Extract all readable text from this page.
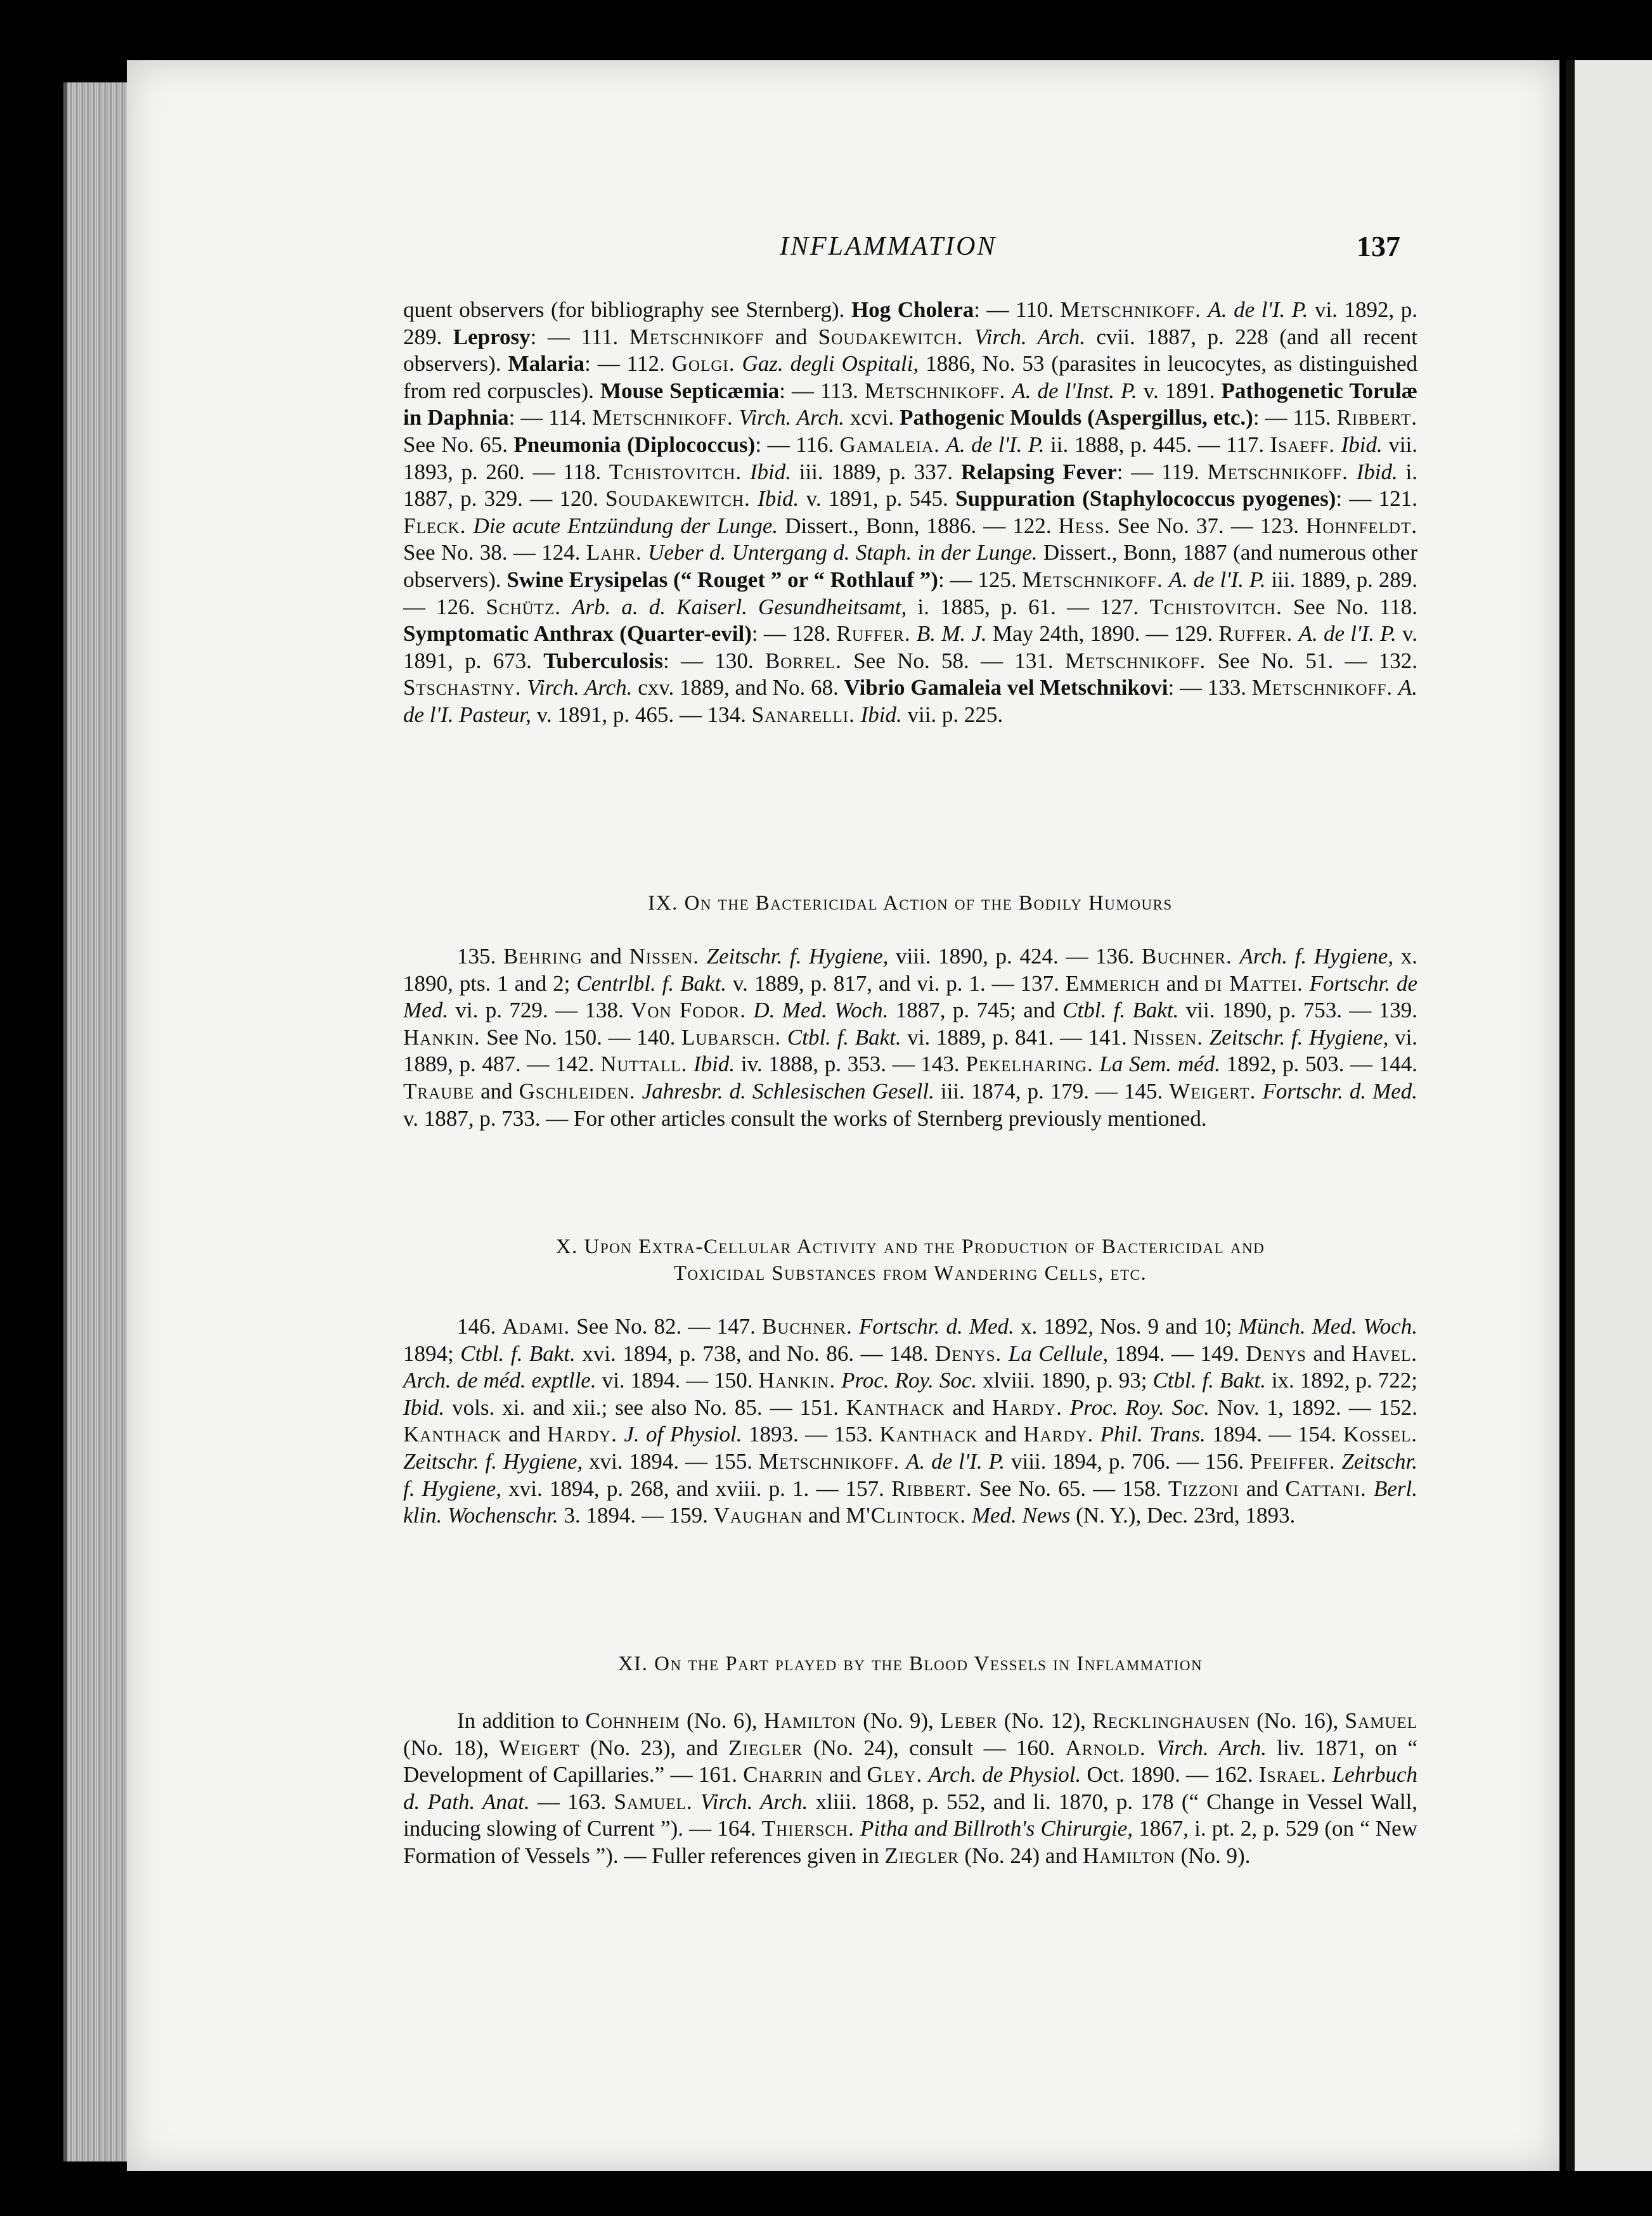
INFLAMMATION	137

quent observers (for bibliography see Sternberg). Hog Cholera: — 110. Metschnikoff. A. de l'I. P. vi. 1892, p. 289. Leprosy: — 111. Metschnikoff and Soudakewitch. Virch. Arch. cvii. 1887, p. 228 (and all recent observers). Malaria: — 112. Golgi. Gaz. degli Ospitali, 1886, No. 53 (parasites in leucocytes, as distinguished from red corpuscles). Mouse Septicæmia: — 113. Metschnikoff. A. de l'Inst. P. v. 1891. Pathogenetic Torulæ in Daphnia: — 114. Metschnikoff. Virch. Arch. xcvi. Pathogenic Moulds (Aspergillus, etc.): — 115. Ribbert. See No. 65. Pneumonia (Diplococcus): — 116. Gamaleia. A. de l'I. P. ii. 1888, p. 445. — 117. Isaeff. Ibid. vii. 1893, p. 260. — 118. Tchistovitch. Ibid. iii. 1889, p. 337. Relapsing Fever: — 119. Metschnikoff. Ibid. i. 1887, p. 329. — 120. Soudakewitch. Ibid. v. 1891, p. 545. Suppuration (Staphylococcus pyogenes): — 121. Fleck. Die acute Entzündung der Lunge. Dissert., Bonn, 1886. — 122. Hess. See No. 37. — 123. Hohnfeldt. See No. 38. — 124. Lahr. Ueber d. Untergang d. Staph. in der Lunge. Dissert., Bonn, 1887 (and numerous other observers). Swine Erysipelas (“ Rouget ” or “ Rothlauf ”): — 125. Metschnikoff. A. de l'I. P. iii. 1889, p. 289. — 126. Schütz. Arb. a. d. Kaiserl. Gesundheitsamt, i. 1885, p. 61. — 127. Tchistovitch. See No. 118. Symptomatic Anthrax (Quarter-evil): — 128. Ruffer. B. M. J. May 24th, 1890. — 129. Ruffer. A. de l'I. P. v. 1891, p. 673. Tuberculosis: — 130. Borrel. See No. 58. — 131. Metschnikoff. See No. 51. — 132. Stschastny. Virch. Arch. cxv. 1889, and No. 68. Vibrio Gamaleia vel Metschnikovi: — 133. Metschnikoff. A. de l'I. Pasteur, v. 1891, p. 465. — 134. Sanarelli. Ibid. vii. p. 225.

IX. On the Bactericidal Action of the Bodily Humours

135. Behring and Nissen. Zeitschr. f. Hygiene, viii. 1890, p. 424. — 136. Buchner. Arch. f. Hygiene, x. 1890, pts. 1 and 2; Centrlbl. f. Bakt. v. 1889, p. 817, and vi. p. 1. — 137. Emmerich and di Mattei. Fortschr. de Med. vi. p. 729. — 138. Von Fodor. D. Med. Woch. 1887, p. 745; and Ctbl. f. Bakt. vii. 1890, p. 753. — 139. Hankin. See No. 150. — 140. Lubarsch. Ctbl. f. Bakt. vi. 1889, p. 841. — 141. Nissen. Zeitschr. f. Hygiene, vi. 1889, p. 487. — 142. Nuttall. Ibid. iv. 1888, p. 353. — 143. Pekelharing. La Sem. méd. 1892, p. 503. — 144. Traube and Gschleiden. Jahresbr. d. Schlesischen Gesell. iii. 1874, p. 179. — 145. Weigert. Fortschr. d. Med. v. 1887, p. 733. — For other articles consult the works of Sternberg previously mentioned.

X. Upon Extra-Cellular Activity and the Production of Bactericidal and
Toxicidal Substances from Wandering Cells, etc.

146. Adami. See No. 82. — 147. Buchner. Fortschr. d. Med. x. 1892, Nos. 9 and 10; Münch. Med. Woch. 1894; Ctbl. f. Bakt. xvi. 1894, p. 738, and No. 86. — 148. Denys. La Cellule, 1894. — 149. Denys and Havel. Arch. de méd. exptlle. vi. 1894. — 150. Hankin. Proc. Roy. Soc. xlviii. 1890, p. 93; Ctbl. f. Bakt. ix. 1892, p. 722; Ibid. vols. xi. and xii.; see also No. 85. — 151. Kanthack and Hardy. Proc. Roy. Soc. Nov. 1, 1892. — 152. Kanthack and Hardy. J. of Physiol. 1893. — 153. Kanthack and Hardy. Phil. Trans. 1894. — 154. Kossel. Zeitschr. f. Hygiene, xvi. 1894. — 155. Metschnikoff. A. de l'I. P. viii. 1894, p. 706. — 156. Pfeiffer. Zeitschr. f. Hygiene, xvi. 1894, p. 268, and xviii. p. 1. — 157. Ribbert. See No. 65. — 158. Tizzoni and Cattani. Berl. klin. Wochenschr. 3. 1894. — 159. Vaughan and M'Clintock. Med. News (N. Y.), Dec. 23rd, 1893.

XI. On the Part played by the Blood Vessels in Inflammation

In addition to Cohnheim (No. 6), Hamilton (No. 9), Leber (No. 12), Recklinghausen (No. 16), Samuel (No. 18), Weigert (No. 23), and Ziegler (No. 24), consult — 160. Arnold. Virch. Arch. liv. 1871, on “ Development of Capillaries.” — 161. Charrin and Gley. Arch. de Physiol. Oct. 1890. — 162. Israel. Lehrbuch d. Path. Anat. — 163. Samuel. Virch. Arch. xliii. 1868, p. 552, and li. 1870, p. 178 (“ Change in Vessel Wall, inducing slowing of Current ”). — 164. Thiersch. Pitha and Billroth's Chirurgie, 1867, i. pt. 2, p. 529 (on “ New Formation of Vessels ”). — Fuller references given in Ziegler (No. 24) and Hamilton (No. 9).
